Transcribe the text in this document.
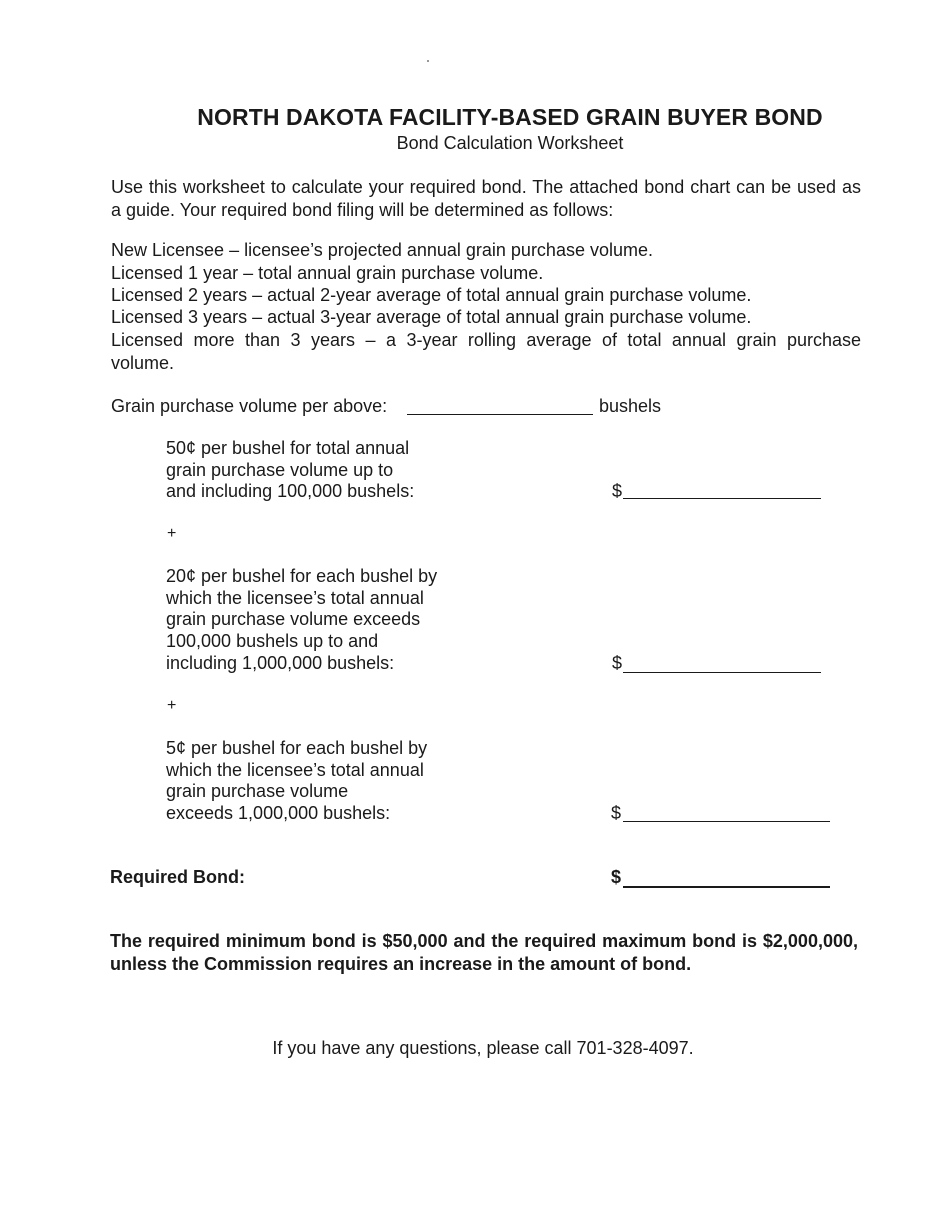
NORTH DAKOTA FACILITY-BASED GRAIN BUYER BOND
Bond Calculation Worksheet
Use this worksheet to calculate your required bond. The attached bond chart can be used as a guide. Your required bond filing will be determined as follows:
New Licensee – licensee’s projected annual grain purchase volume.
Licensed 1 year – total annual grain purchase volume.
Licensed 2 years – actual 2-year average of total annual grain purchase volume.
Licensed 3 years – actual 3-year average of total annual grain purchase volume.
Licensed more than 3 years – a 3-year rolling average of total annual grain purchase
volume.
Grain purchase volume per above:	bushels
50¢ per bushel for total annual
grain purchase volume up to
and including 100,000 bushels:	$
+
20¢ per bushel for each bushel by
which the licensee’s total annual
grain purchase volume exceeds
100,000 bushels up to and
including 1,000,000 bushels:	$
+
5¢ per bushel for each bushel by
which the licensee’s total annual
grain purchase volume
exceeds 1,000,000 bushels:	$
Required Bond:	$
The required minimum bond is $50,000 and the required maximum bond is $2,000,000, unless the Commission requires an increase in the amount of bond.
If you have any questions, please call 701-328-4097.
